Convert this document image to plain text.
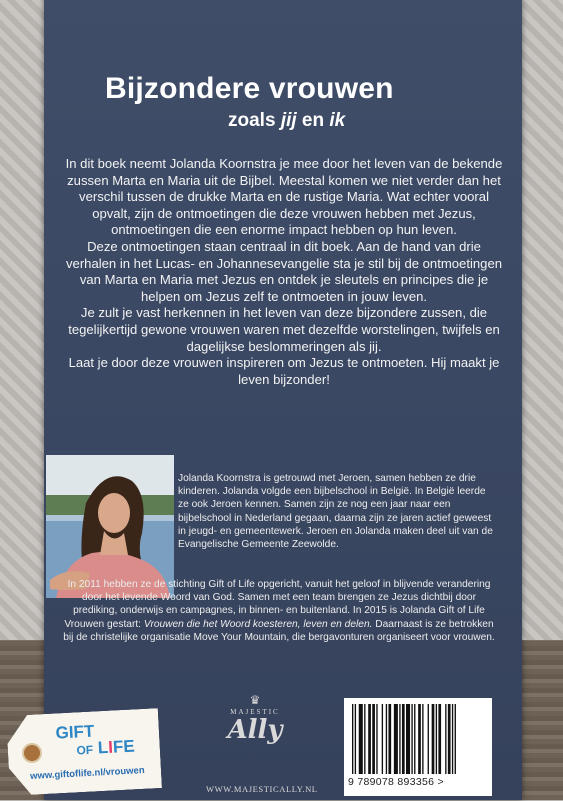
Bijzondere vrouwen
zoals jij en ik

In dit boek neemt Jolanda Koornstra je mee door het leven van de bekende zussen Marta en Maria uit de Bijbel. Meestal komen we niet verder dan het verschil tussen de drukke Marta en de rustige Maria. Wat echter vooral opvalt, zijn de ontmoetingen die deze vrouwen hebben met Jezus, ontmoetingen die een enorme impact hebben op hun leven.

Deze ontmoetingen staan centraal in dit boek. Aan de hand van drie verhalen in het Lucas- en Johannesevangelie sta je stil bij de ontmoetingen van Marta en Maria met Jezus en ontdek je sleutels en principes die je helpen om Jezus zelf te ontmoeten in jouw leven.

Je zult je vast herkennen in het leven van deze bijzondere zussen, die tegelijkertijd gewone vrouwen waren met dezelfde worstelingen, twijfels en dagelijkse beslommeringen als jij.

Laat je door deze vrouwen inspireren om Jezus te ontmoeten. Hij maakt je leven bijzonder!

Jolanda Koornstra is getrouwd met Jeroen, samen hebben ze drie kinderen. Jolanda volgde een bijbelschool in België. In België leerde ze ook Jeroen kennen. Samen zijn ze nog een jaar naar een bijbelschool in Nederland gegaan, daarna zijn ze jaren actief geweest in jeugd- en gemeentewerk. Jeroen en Jolanda maken deel uit van de Evangelische Gemeente Zeewolde.

In 2011 hebben ze de stichting Gift of Life opgericht, vanuit het geloof in blijvende verandering door het levende Woord van God. Samen met een team brengen ze Jezus dichtbij door prediking, onderwijs en campagnes, in binnen- en buitenland. In 2015 is Jolanda Gift of Life Vrouwen gestart: Vrouwen die het Woord koesteren, leven en delen. Daarnaast is ze betrokken bij de christelijke organisatie Move Your Mountain, die bergavonturen organiseert voor vrouwen.

♛
MAJESTIC
Ally
WWW.MAJESTICALLY.NL
9 789078 893356 >
GIFT
OF LIFE
www.giftoflife.nl/vrouwen
